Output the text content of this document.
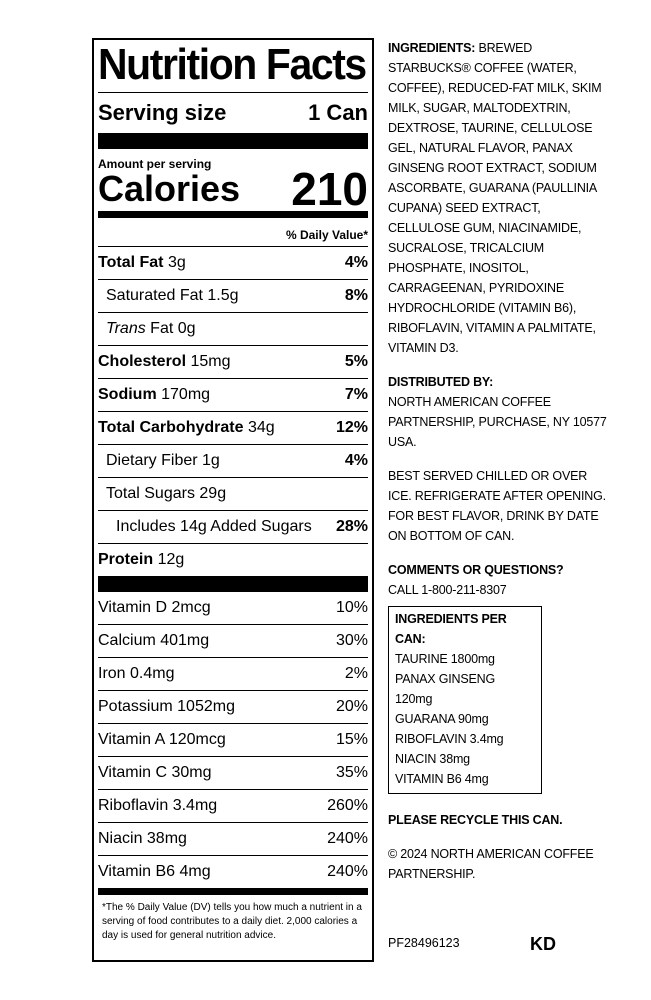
Nutrition Facts
Serving size	1 Can
Amount per serving
Calories 210
% Daily Value*
Total Fat 3g	4%
Saturated Fat 1.5g	8%
Trans Fat 0g
Cholesterol 15mg	5%
Sodium 170mg	7%
Total Carbohydrate 34g	12%
Dietary Fiber 1g	4%
Total Sugars 29g
Includes 14g Added Sugars 28%
Protein 12g
Vitamin D 2mcg	10%
Calcium 401mg	30%
Iron 0.4mg	2%
Potassium 1052mg	20%
Vitamin A 120mcg	15%
Vitamin C 30mg	35%
Riboflavin 3.4mg	260%
Niacin 38mg	240%
Vitamin B6 4mg	240%
*The % Daily Value (DV) tells you how much a nutrient in a serving of food contributes to a daily diet. 2,000 calories a day is used for general nutrition advice.
INGREDIENTS: BREWED STARBUCKS® COFFEE (WATER, COFFEE), REDUCED-FAT MILK, SKIM MILK, SUGAR, MALTODEXTRIN, DEXTROSE, TAURINE, CELLULOSE GEL, NATURAL FLAVOR, PANAX GINSENG ROOT EXTRACT, SODIUM ASCORBATE, GUARANA (PAULLINIA CUPANA) SEED EXTRACT, CELLULOSE GUM, NIACINAMIDE, SUCRALOSE, TRICALCIUM PHOSPHATE, INOSITOL, CARRAGEENAN, PYRIDOXINE HYDROCHLORIDE (VITAMIN B6), RIBOFLAVIN, VITAMIN A PALMITATE, VITAMIN D3.
DISTRIBUTED BY:
NORTH AMERICAN COFFEE PARTNERSHIP, PURCHASE, NY 10577 USA.
BEST SERVED CHILLED OR OVER ICE. REFRIGERATE AFTER OPENING. FOR BEST FLAVOR, DRINK BY DATE ON BOTTOM OF CAN.
COMMENTS OR QUESTIONS?
CALL 1-800-211-8307
INGREDIENTS PER CAN:
TAURINE 1800mg
PANAX GINSENG 120mg
GUARANA 90mg
RIBOFLAVIN 3.4mg
NIACIN 38mg
VITAMIN B6 4mg
PLEASE RECYCLE THIS CAN.
© 2024 NORTH AMERICAN COFFEE PARTNERSHIP.
PF28496123	KD
